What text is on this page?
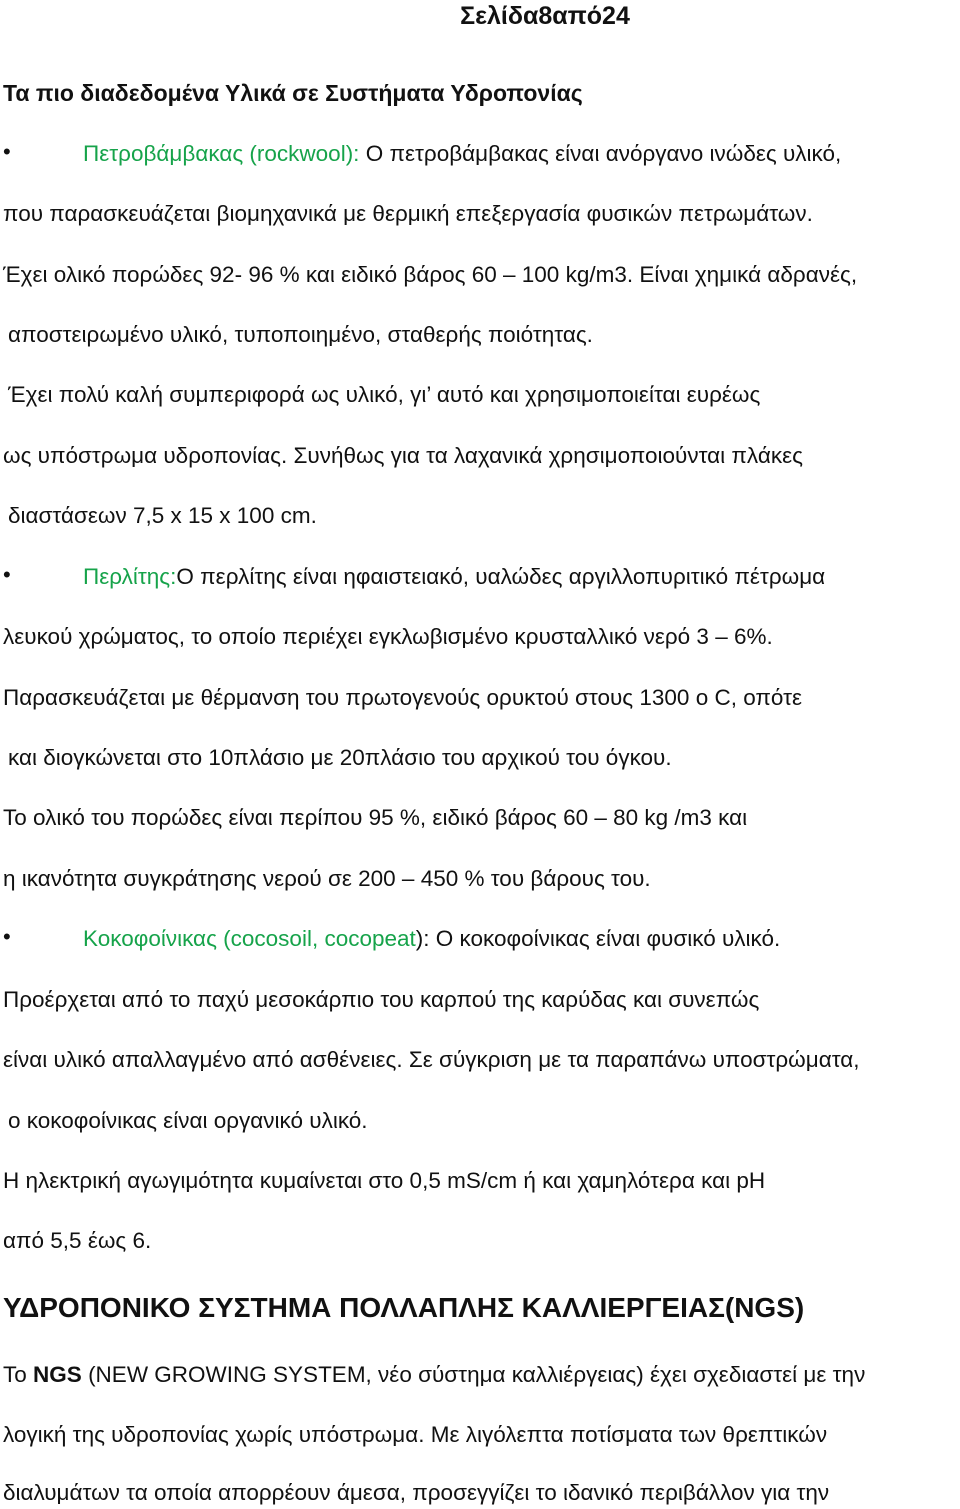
Σελίδα8από24
Τα πιο διαδεδομένα Υλικά σε Συστήματα Υδροπονίας
•	Πετροβάμβακας (rockwool): Ο πετροβάμβακας είναι ανόργανο ινώδες υλικό,
που παρασκευάζεται βιομηχανικά με θερμική επεξεργασία φυσικών πετρωμάτων.
Έχει ολικό πορώδες 92- 96 % και ειδικό βάρος 60 – 100 kg/m3. Είναι χημικά αδρανές,
αποστειρωμένο υλικό, τυποποιημένο, σταθερής ποιότητας.
Έχει πολύ καλή συμπεριφορά ως υλικό, γι’ αυτό και χρησιμοποιείται ευρέως
ως υπόστρωμα υδροπονίας. Συνήθως για τα λαχανικά χρησιμοποιούνται πλάκες
διαστάσεων 7,5 x 15 x 100 cm.
•	Περλίτης:Ο περλίτης είναι ηφαιστειακό, υαλώδες αργιλλοπυριτικό πέτρωμα
λευκού χρώματος, το οποίο περιέχει εγκλωβισμένο κρυσταλλικό νερό 3 – 6%.
Παρασκευάζεται με θέρμανση του πρωτογενούς ορυκτού στους 1300 ο C, οπότε
και διογκώνεται στο 10πλάσιο με 20πλάσιο του αρχικού του όγκου.
Το ολικό του πορώδες είναι περίπου 95 %, ειδικό βάρος 60 – 80 kg /m3 και
η ικανότητα συγκράτησης νερού σε 200 – 450 % του βάρους του.
•	Κοκοφοίνικας (cocosoil, cocopeat): Ο κοκοφοίνικας είναι φυσικό υλικό.
Προέρχεται από το παχύ μεσοκάρπιο του καρπού της καρύδας και συνεπώς
είναι υλικό απαλλαγμένο από ασθένειες. Σε σύγκριση με τα παραπάνω υποστρώματα,
ο κοκοφοίνικας είναι οργανικό υλικό.
Η ηλεκτρική αγωγιμότητα κυμαίνεται στο 0,5 mS/cm ή και χαμηλότερα και pH
από 5,5 έως 6.
ΥΔΡΟΠΟΝΙΚΟ ΣΥΣΤΗΜΑ ΠΟΛΛΑΠΛΗΣ ΚΑΛΛΙΕΡΓΕΙΑΣ(NGS)
Το NGS (NEW GROWING SYSTEM, νέο σύστημα καλλιέργειας) έχει σχεδιαστεί με την
λογική της υδροπονίας χωρίς υπόστρωμα. Με λιγόλεπτα ποτίσματα των θρεπτικών
διαλυμάτων τα οποία απορρέουν άμεσα, προσεγγίζει το ιδανικό περιβάλλον για την
